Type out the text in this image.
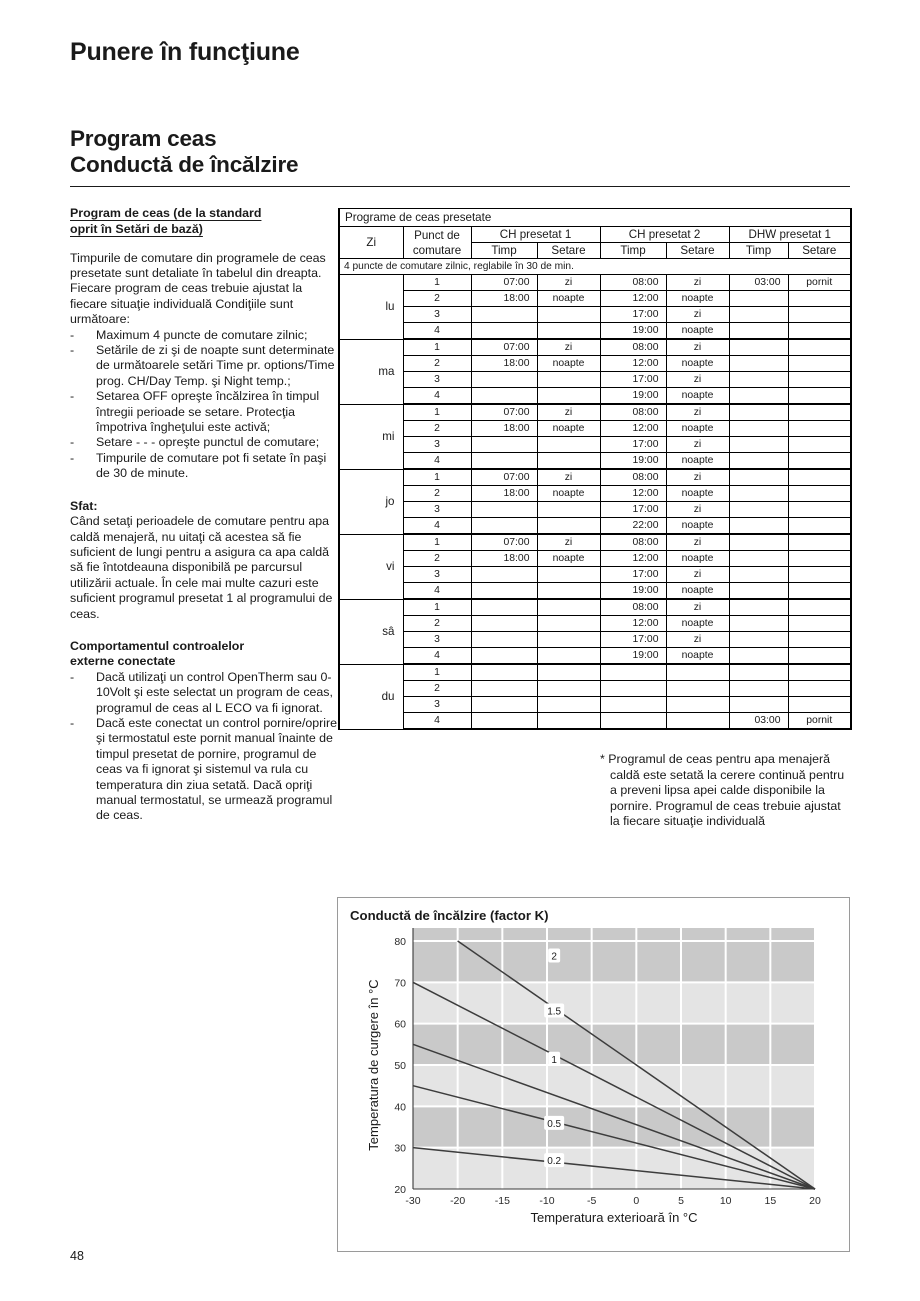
Punere în funcţiune
Program ceas
Conductă de încălzire
Program de ceas (de la standard
oprit în Setări de bază)
Timpurile de comutare din programele de ceas presetate sunt detaliate în tabelul din dreapta. Fiecare program de ceas trebuie ajustat la fiecare situaţie individuală Condiţiile sunt următoare:
- Maximum 4 puncte de comutare zilnic;
- Setările de zi şi de noapte sunt determinate de următoarele setări Time pr. options/Time prog. CH/Day Temp. şi Night temp.;
- Setarea OFF opreşte încălzirea în timpul întregii perioade se setare. Protecţia împotriva îngheţului este activă;
- Setare - - - opreşte punctul de comutare;
- Timpurile de comutare pot fi setate în paşi de 30 de minute.
Sfat:
Când setaţi perioadele de comutare pentru apa caldă menajeră, nu uitaţi că acestea să fie suficient de lungi pentru a asigura ca apa caldă să fie întotdeauna disponibilă pe parcursul utilizării actuale. În cele mai multe cazuri este suficient programul presetat 1 al programului de ceas.
Comportamentul controalelor
externe conectate
- Dacă utilizaţi un control OpenTherm sau 0-10Volt şi este selectat un program de ceas, programul de ceas al L ECO va fi ignorat.
- Dacă este conectat un control pornire/oprire şi termostatul este pornit manual înainte de timpul presetat de pornire, programul de ceas va fi ignorat şi sistemul va rula cu temperatura din ziua setată. Dacă opriţi manual termostatul, se urmează programul de ceas.
Programe de ceas presetate							
Zi	Punct de
comutare	CH presetat 1		CH presetat 2		DHW presetat 1	
		Timp	Setare	Timp	Setare	Timp	Setare
4 puncte de comutare zilnic, reglabile în 30 de min.							
lu	1	07:00	zi	08:00	zi	03:00	pornit
	2	18:00	noapte	12:00	noapte		
	3			17:00	zi		
	4			19:00	noapte		
ma	1	07:00	zi	08:00	zi		
	2	18:00	noapte	12:00	noapte		
	3			17:00	zi		
	4			19:00	noapte		
mi	1	07:00	zi	08:00	zi		
	2	18:00	noapte	12:00	noapte		
	3			17:00	zi		
	4			19:00	noapte		
jo	1	07:00	zi	08:00	zi		
	2	18:00	noapte	12:00	noapte		
	3			17:00	zi		
	4			22:00	noapte		
vi	1	07:00	zi	08:00	zi		
	2	18:00	noapte	12:00	noapte		
	3			17:00	zi		
	4			19:00	noapte		
sâ	1			08:00	zi		
	2			12:00	noapte		
	3			17:00	zi		
	4			19:00	noapte		
du	1						
	2						
	3						
	4					03:00	pornit
* Programul de ceas pentru apa menajeră caldă este setată la cerere continuă pentru a preveni lipsa apei calde disponibile la pornire. Programul de ceas trebuie ajustat la fiecare situaţie individuală
Conductă de încălzire (factor K)
20
30
40
50
60
70
80
-30	-20	-15	-10	-5	0	5	10	15	20
2
1.5
1
0.5
0.2
Temperatura exterioară în °C
Temperatura de curgere în °C
48
